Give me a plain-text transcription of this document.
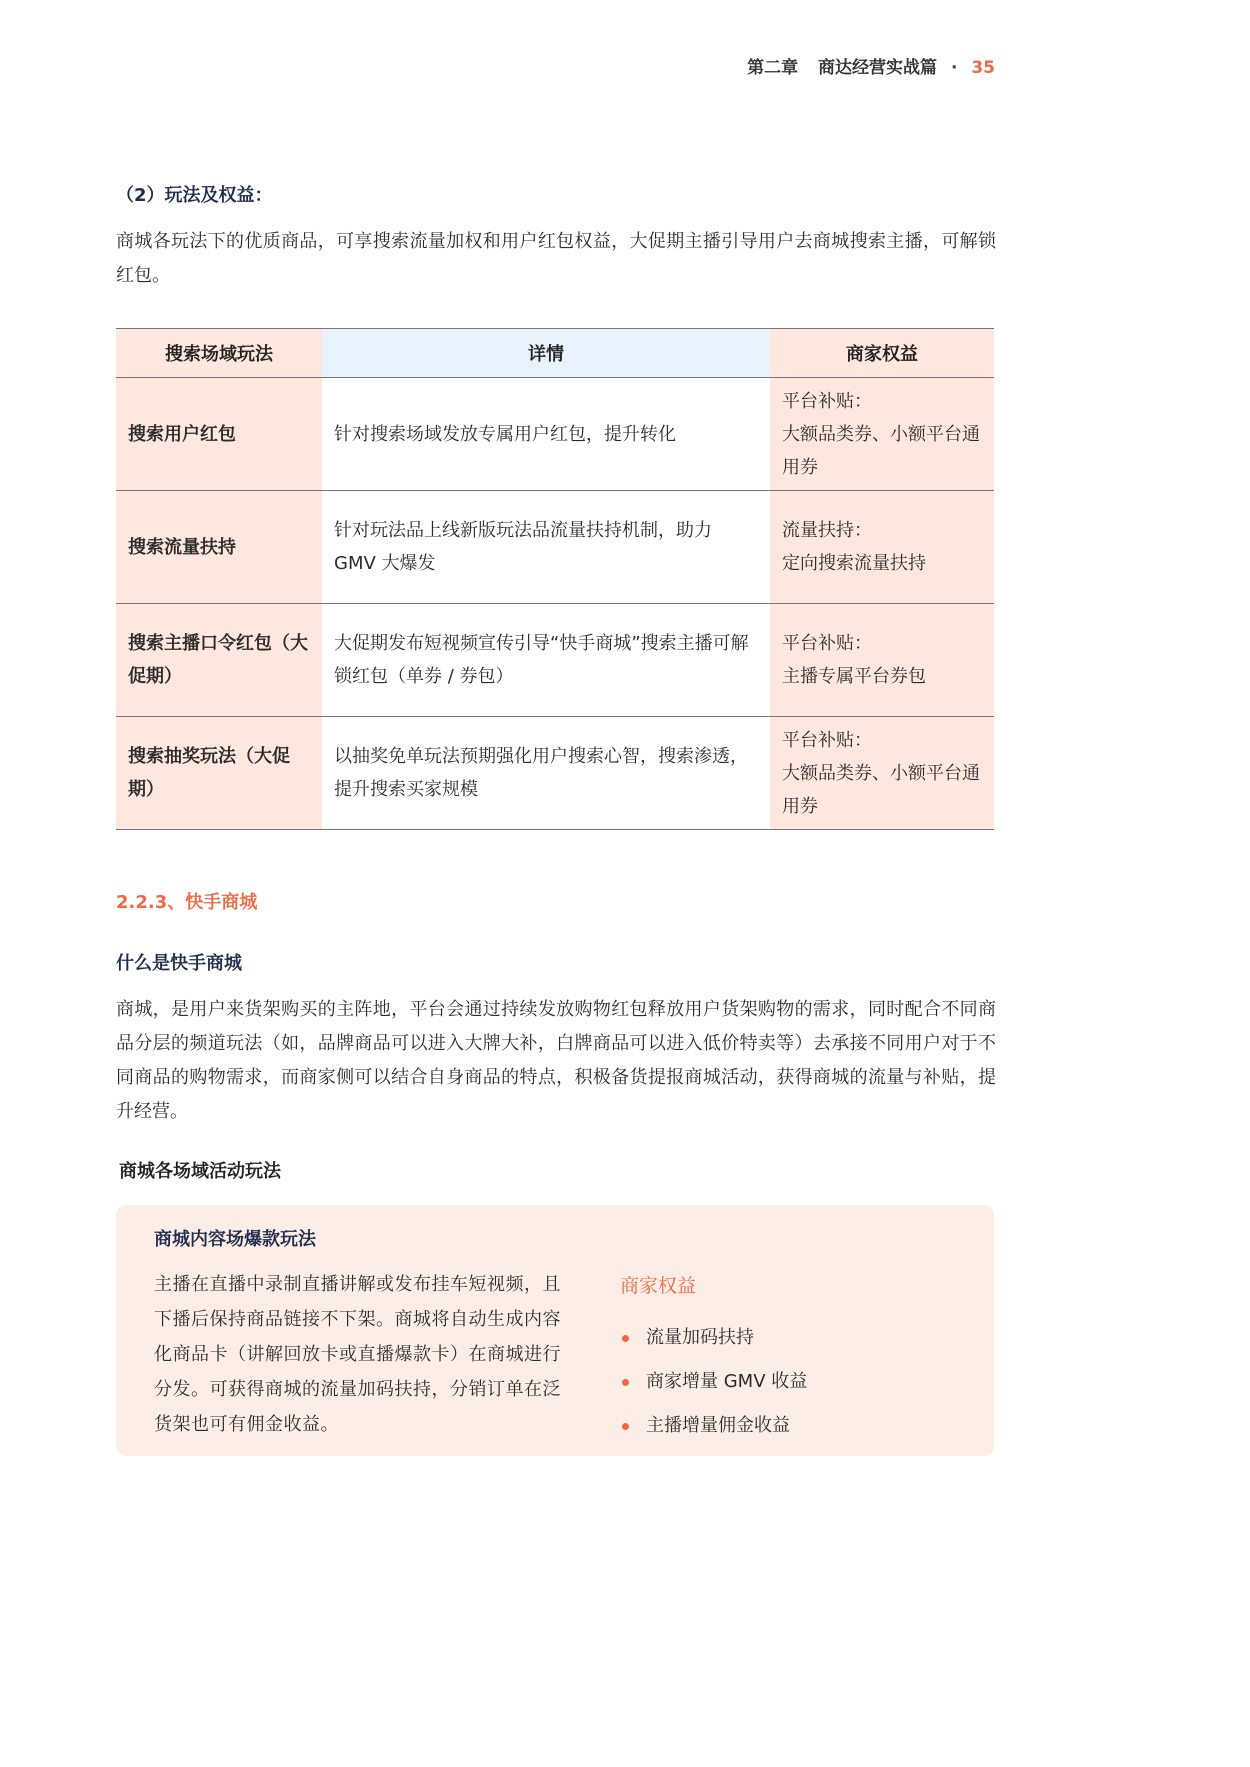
第二章 商达经营实战篇 · 35
（2）玩法及权益：
商城各玩法下的优质商品，可享搜索流量加权和用户红包权益，大促期主播引导用户去商城搜索主播，可解锁红包。
搜索场域玩法	详情	商家权益
搜索用户红包	针对搜索场域发放专属用户红包，提升转化	平台补贴：
大额品类券、小额平台通用券

搜索流量扶持	针对玩法品上线新版玩法品流量扶持机制，助力 GMV 大爆发	流量扶持：
定向搜索流量扶持

搜索主播口令红包（大促期）	大促期发布短视频宣传引导“快手商城”搜索主播可解锁红包（单券 / 券包）	平台补贴：
主播专属平台券包

搜索抽奖玩法（大促期）	以抽奖免单玩法预期强化用户搜索心智，搜索渗透，提升搜索买家规模	平台补贴：
大额品类券、小额平台通用券
2.2.3、快手商城
什么是快手商城
商城，是用户来货架购买的主阵地，平台会通过持续发放购物红包释放用户货架购物的需求，同时配合不同商品分层的频道玩法（如，品牌商品可以进入大牌大补，白牌商品可以进入低价特卖等）去承接不同用户对于不同商品的购物需求，而商家侧可以结合自身商品的特点，积极备货提报商城活动，获得商城的流量与补贴，提升经营。
商城各场域活动玩法
商城内容场爆款玩法
主播在直播中录制直播讲解或发布挂车短视频，且下播后保持商品链接不下架。商城将自动生成内容化商品卡（讲解回放卡或直播爆款卡）在商城进行分发。可获得商城的流量加码扶持，分销订单在泛货架也可有佣金收益。
商家权益
流量加码扶持
商家增量 GMV 收益
主播增量佣金收益
